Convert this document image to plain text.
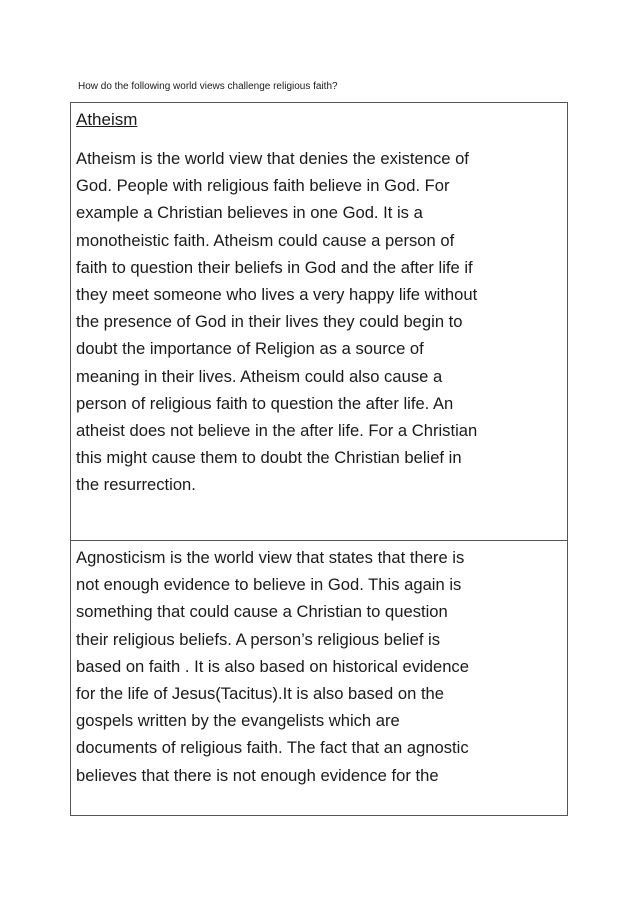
How do the following world views challenge religious faith?
Atheism
Atheism is the world view that denies the existence of
God. People with religious faith believe in God. For
example a Christian believes in one God. It is a
monotheistic faith. Atheism could cause a person of
faith to question their beliefs in God and the after life if
they meet someone who lives a very happy life without
the presence of God in their lives they could begin to
doubt the importance of Religion as a source of
meaning in their lives. Atheism could also cause a
person of religious faith to question the after life. An
atheist does not believe in the after life. For a Christian
this might cause them to doubt the Christian belief in
the resurrection.
Agnosticism is the world view that states that there is
not enough evidence to believe in God. This again is
something that could cause a Christian to question
their religious beliefs. A person’s religious belief is
based on faith . It is also based on historical evidence
for the life of Jesus(Tacitus).It is also based on the
gospels written by the evangelists which are
documents of religious faith. The fact that an agnostic
believes that there is not enough evidence for the
